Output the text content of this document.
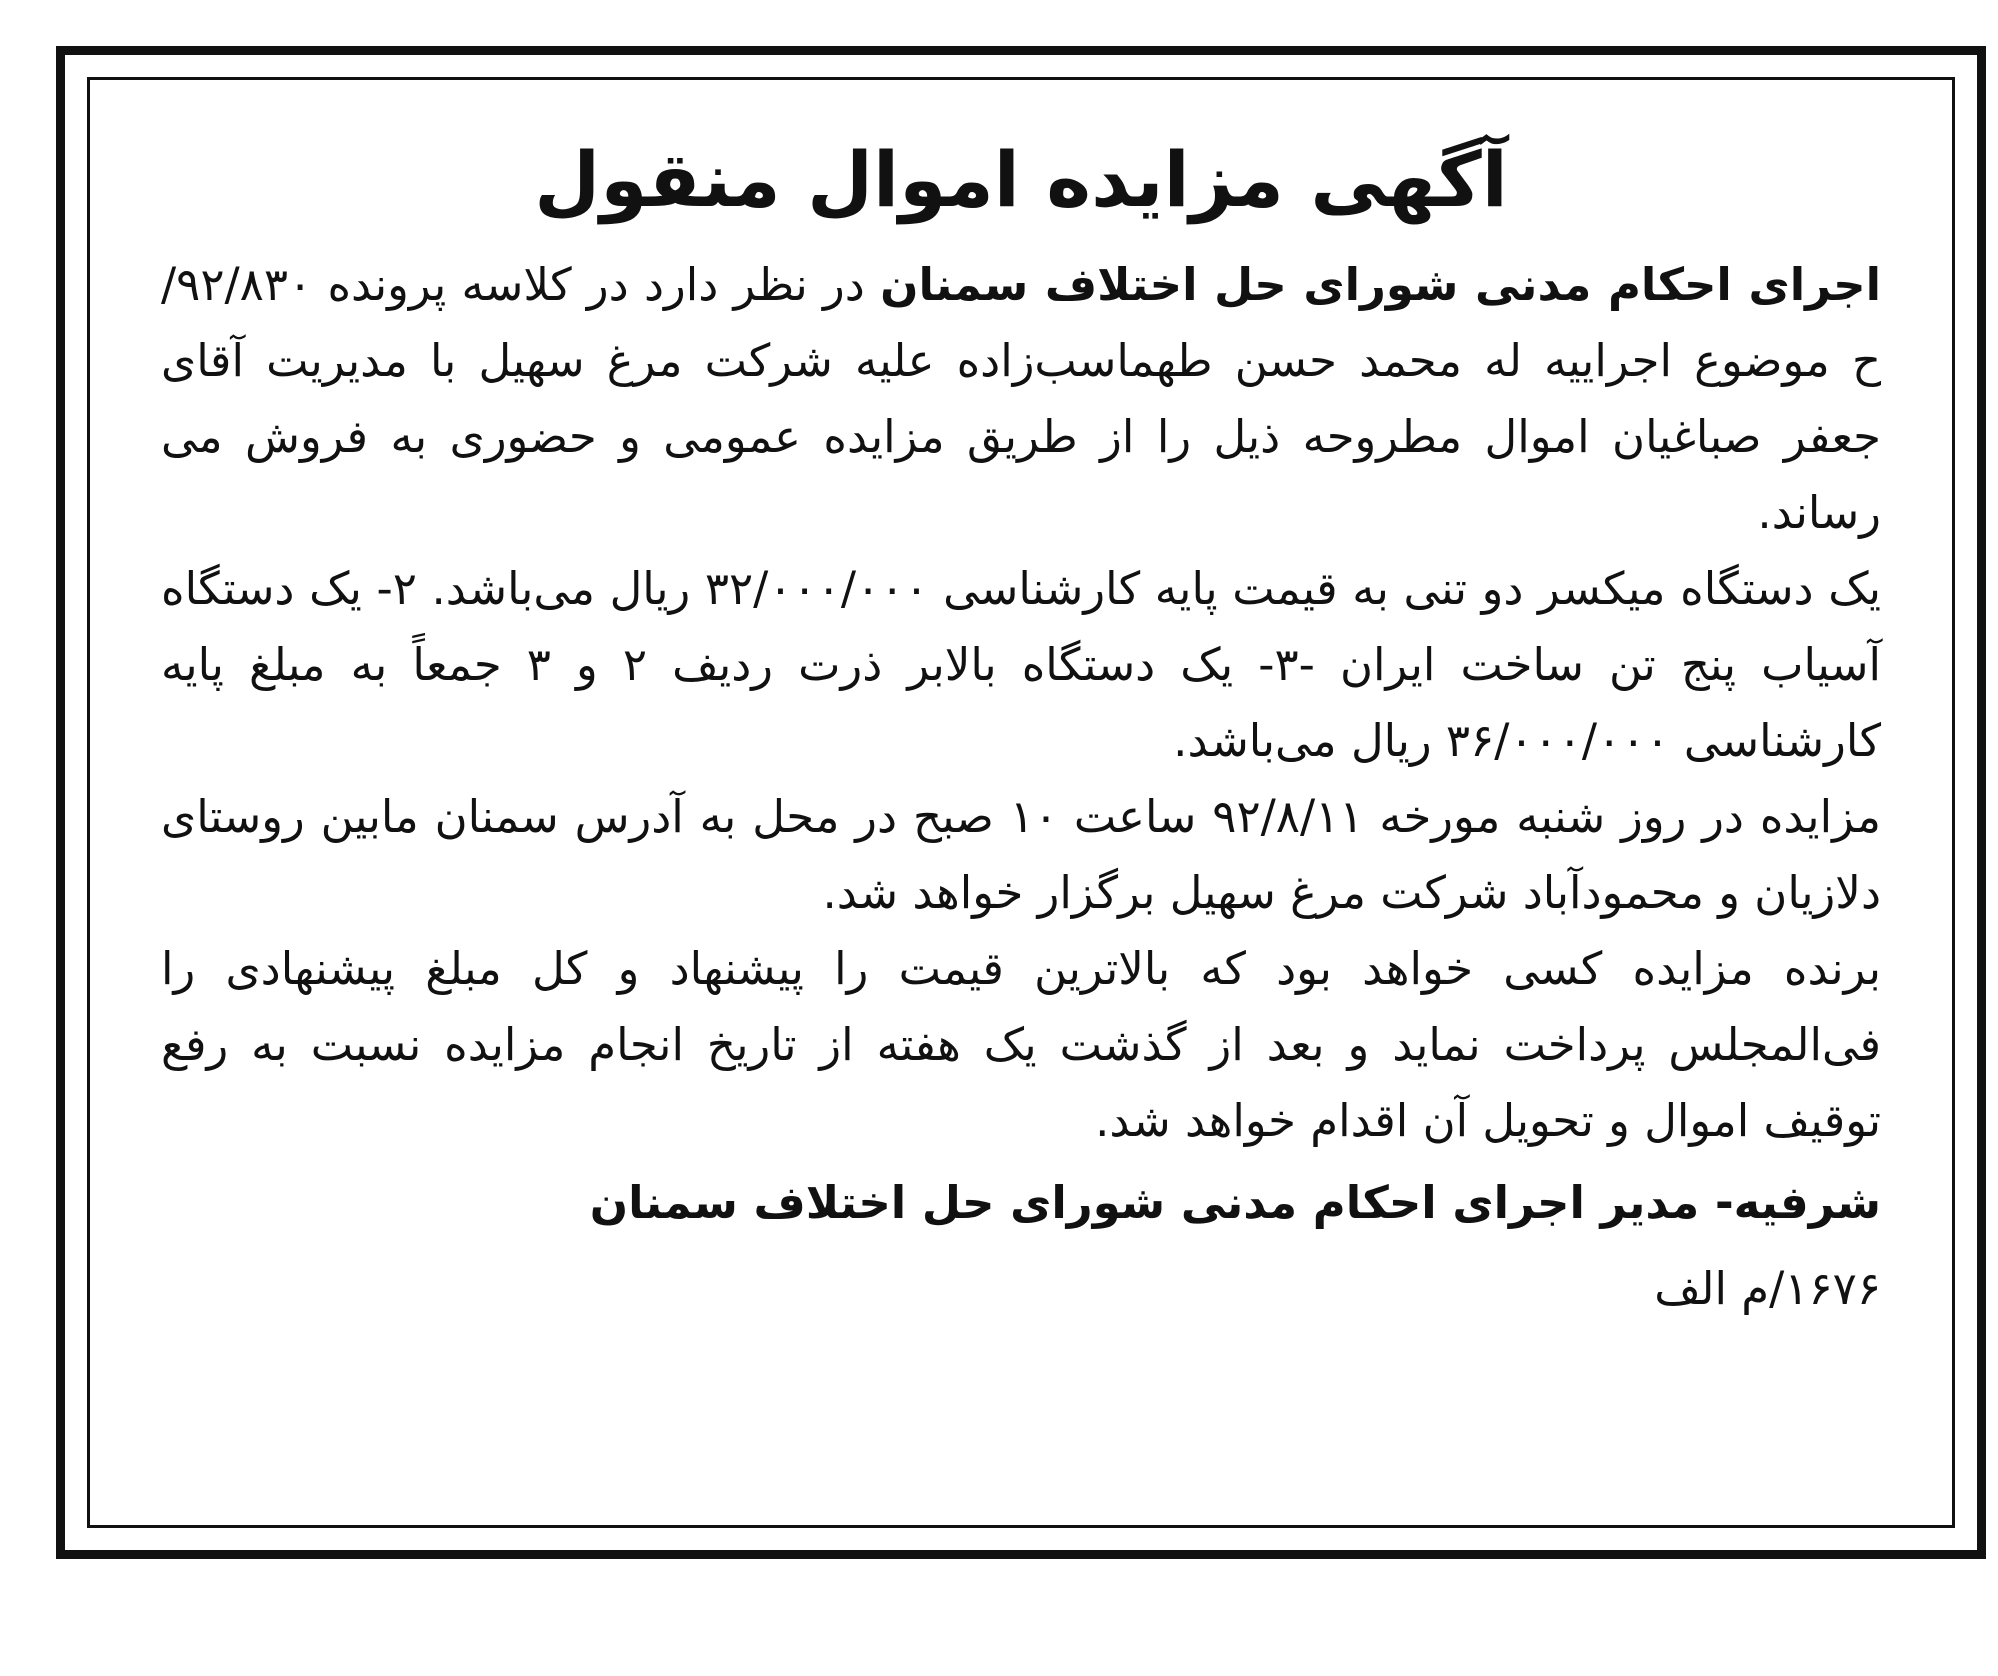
آگهی مزایده اموال منقول

اجرای احکام مدنی شورای حل اختلاف سمنان در نظر دارد در کلاسه پرونده ۹۲/۸۳۰/ح موضوع اجراییه له محمد حسن طهماسب‌زاده علیه شرکت مرغ سهیل با مدیریت آقای جعفر صباغیان اموال مطروحه ذیل را از طریق مزایده عمومی و حضوری به فروش می رساند.

یک دستگاه میکسر دو تنی به قیمت پایه کارشناسی ۳۲/۰۰۰/۰۰۰ ریال می‌باشد. ۲- یک دستگاه آسیاب پنج تن ساخت ایران -۳- یک دستگاه بالابر ذرت ردیف ۲ و ۳ جمعاً به مبلغ پایه کارشناسی ۳۶/۰۰۰/۰۰۰ ریال می‌باشد.

مزایده در روز شنبه مورخه ۹۲/۸/۱۱ ساعت ۱۰ صبح در محل به آدرس سمنان مابین روستای دلازیان و محمودآباد شرکت مرغ سهیل برگزار خواهد شد.

برنده مزایده کسی خواهد بود که بالاترین قیمت را پیشنهاد و کل مبلغ پیشنهادی را فی‌المجلس پرداخت نماید و بعد از گذشت یک هفته از تاریخ انجام مزایده نسبت به رفع توقیف اموال و تحویل آن اقدام خواهد شد.

شرفیه- مدیر اجرای احکام مدنی شورای حل اختلاف سمنان

۱۶۷۶/م الف
